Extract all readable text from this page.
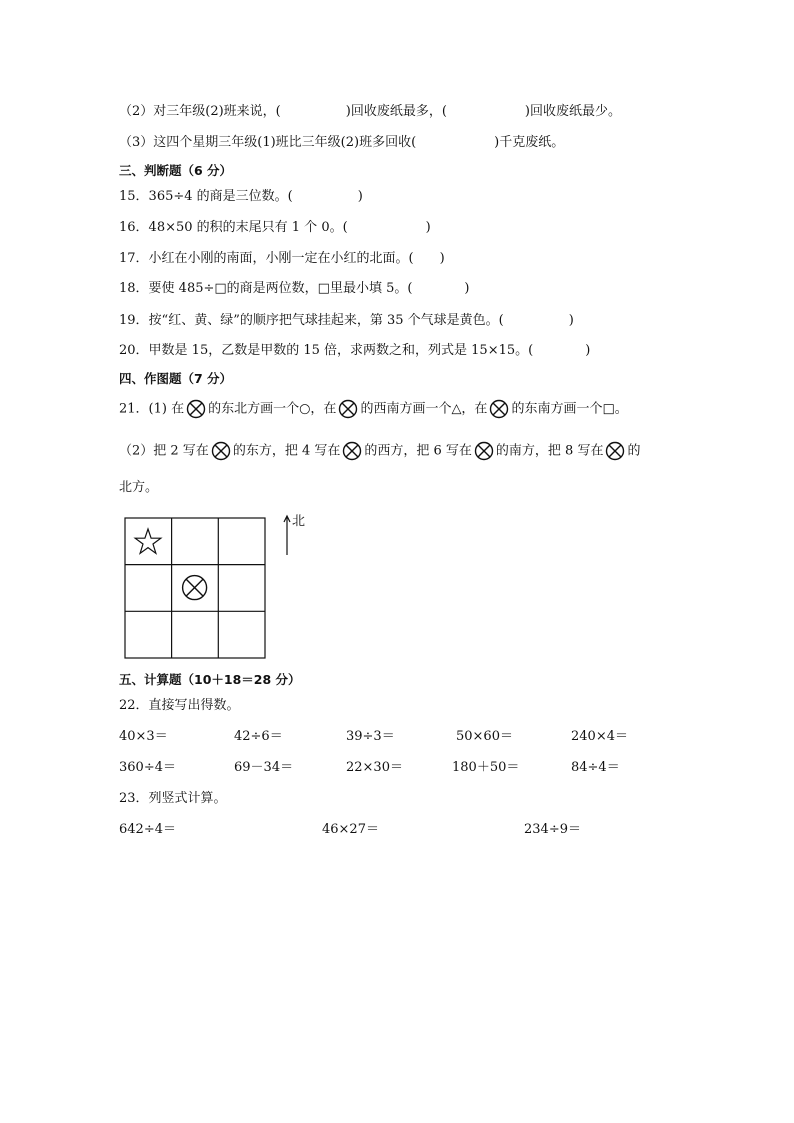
（2）对三年级(2)班来说，(　　　　　)回收废纸最多，(　　　　　　)回收废纸最少。
（3）这四个星期三年级(1)班比三年级(2)班多回收(　　　　　　)千克废纸。
三、判断题（6 分）
15．365÷4 的商是三位数。(　　　　　)
16．48×50 的积的末尾只有 1 个 0。(　　　　　　)
17．小红在小刚的南面，小刚一定在小红的北面。(　　)
18．要使 485÷□的商是两位数，□里最小填 5。(　　　　)
19．按“红、黄、绿”的顺序把气球挂起来，第 35 个气球是黄色。(　　　　　)
20．甲数是 15，乙数是甲数的 15 倍，求两数之和，列式是 15×15。(　　　　)
四、作图题（7 分）
21．(1) 在 的东北方画一个○，在 的西南方画一个△，在 的东南方画一个□。
（2）把 2 写在 的东方，把 4 写在 的西方，把 6 写在 的南方，把 8 写在 的
北方。
北
五、计算题（10＋18＝28 分）
22．直接写出得数。
40×3＝	42÷6＝	39÷3＝	50×60＝	240×4＝
360÷4＝	69－34＝	22×30＝	180＋50＝	84÷4＝
23．列竖式计算。
642÷4＝	46×27＝	234÷9＝
